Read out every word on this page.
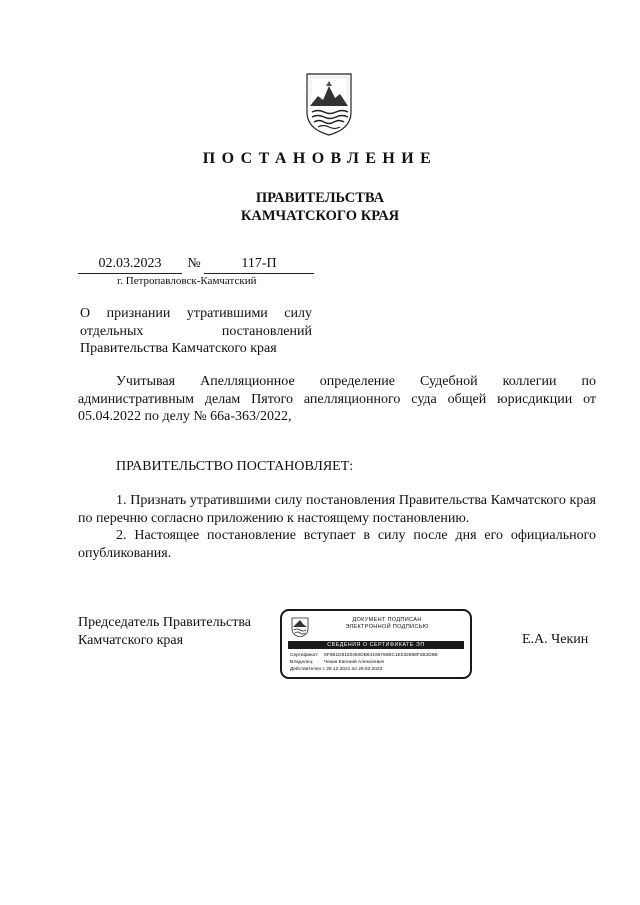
ПОСТАНОВЛЕНИЕ
ПРАВИТЕЛЬСТВА
КАМЧАТСКОГО КРАЯ
02.03.2023	№	117-П
г. Петропавловск-Камчатский
О признании утратившими силу
отдельных постановлений
Правительства Камчатского края
Учитывая Апелляционное определение Судебной коллегии по административным делам Пятого апелляционного суда общей юрисдикции от 05.04.2022 по делу № 66а-363/2022,
ПРАВИТЕЛЬСТВО ПОСТАНОВЛЯЕТ:
1. Признать утратившими силу постановления Правительства Камчатского края по перечню согласно приложению к настоящему постановлению.
2. Настоящее постановление вступает в силу после дня его официального опубликования.
Председатель Правительства
Камчатского края
ДОКУМЕНТ ПОДПИСАН
ЭЛЕКТРОННОЙ ПОДПИСЬЮ
СВЕДЕНИЯ О СЕРТИФИКАТЕ ЭП
Сертификат: 5F0B1D6150460DB64195760BC1E032888F2B2D9B
Владелец: Чекин Евгений Алексеевич
Действителен с 29.12.2021 по 29.03.2023
Е.А. Чекин
